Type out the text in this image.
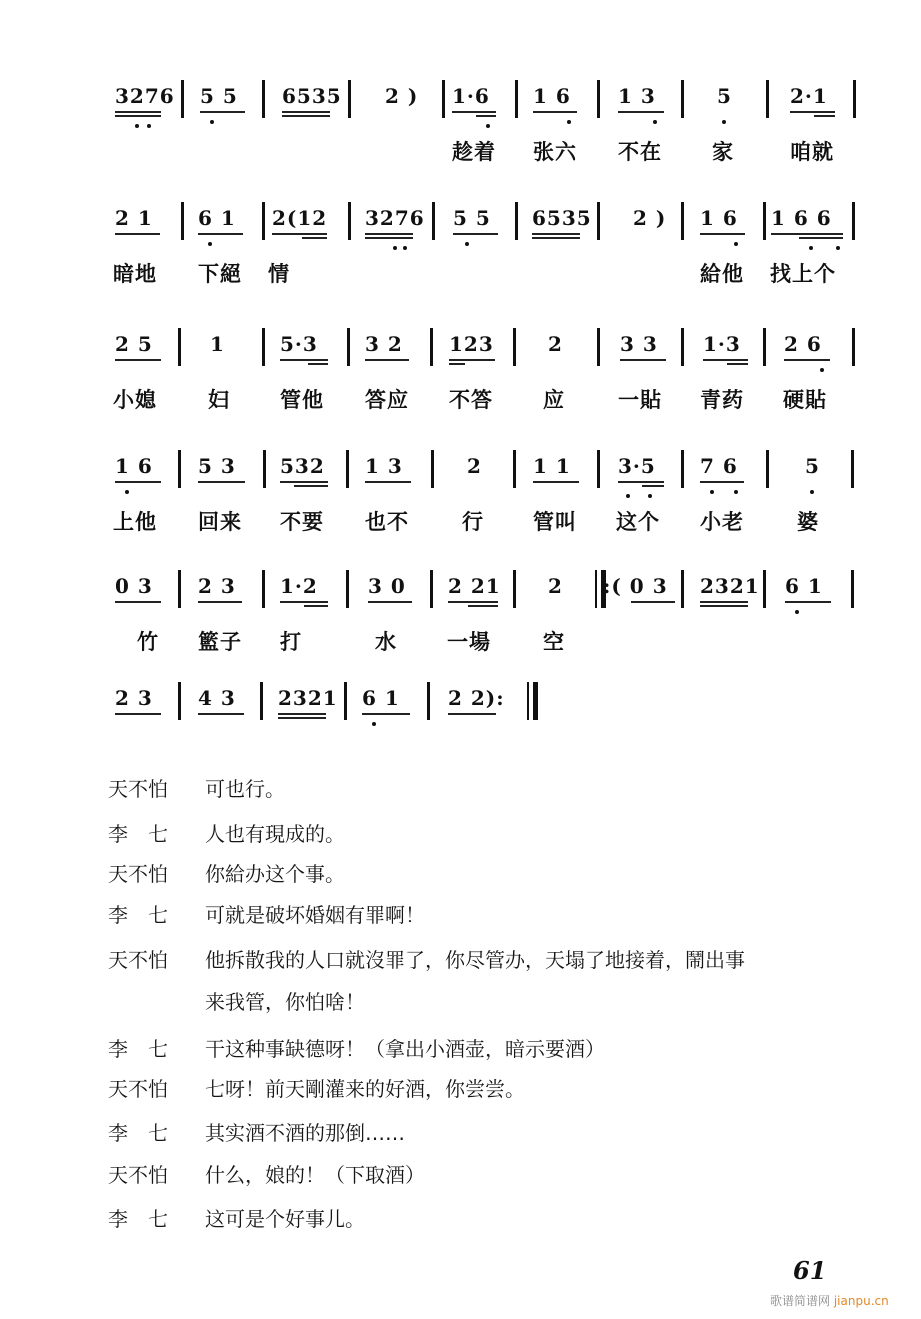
3276 5 5 6535 2 ) 1·6 1 6 1 3	5	2·1
趁着 张六 不在 家	咱就
2 1 6 1 2(12 3276 5 5 6535 2 ) 1 6 1 6 6
暗地 下絕 情	給他 找上个
2 5	1	5·3 3 2 123	2	3 3 1·3 2 6
小媳 妇 管他 答应 不答 应	一貼 青药 硬貼
1 6 5 3 532 1 3	2	1 1 3·5 7 6	5
上他 回来 不要 也不	行 管叫 这个 小老	婆
0 3 2 3 1·2	3 0 2 21 2 :( 0 3 2321 6 1
竹 籃子 打	水 一場 空
2 3 4 3 2321 6 1 2 2):
天不怕	可也行。
李　七	人也有現成的。
天不怕	你給办这个事。
李　七	可就是破坏婚姻有罪啊！
天不怕	他拆散我的人口就沒罪了，你尽管办，天塌了地接着，鬧出事
来我管，你怕啥！
李　七	干这种事缺德呀！（拿出小酒壶，暗示要酒）
天不怕	七呀！前天剛灌来的好酒，你尝尝。
李　七	其实酒不酒的那倒……
天不怕	什么，娘的！（下取酒）
李　七	这可是个好事儿。
61
歌谱简谱网 jianpu.cn
